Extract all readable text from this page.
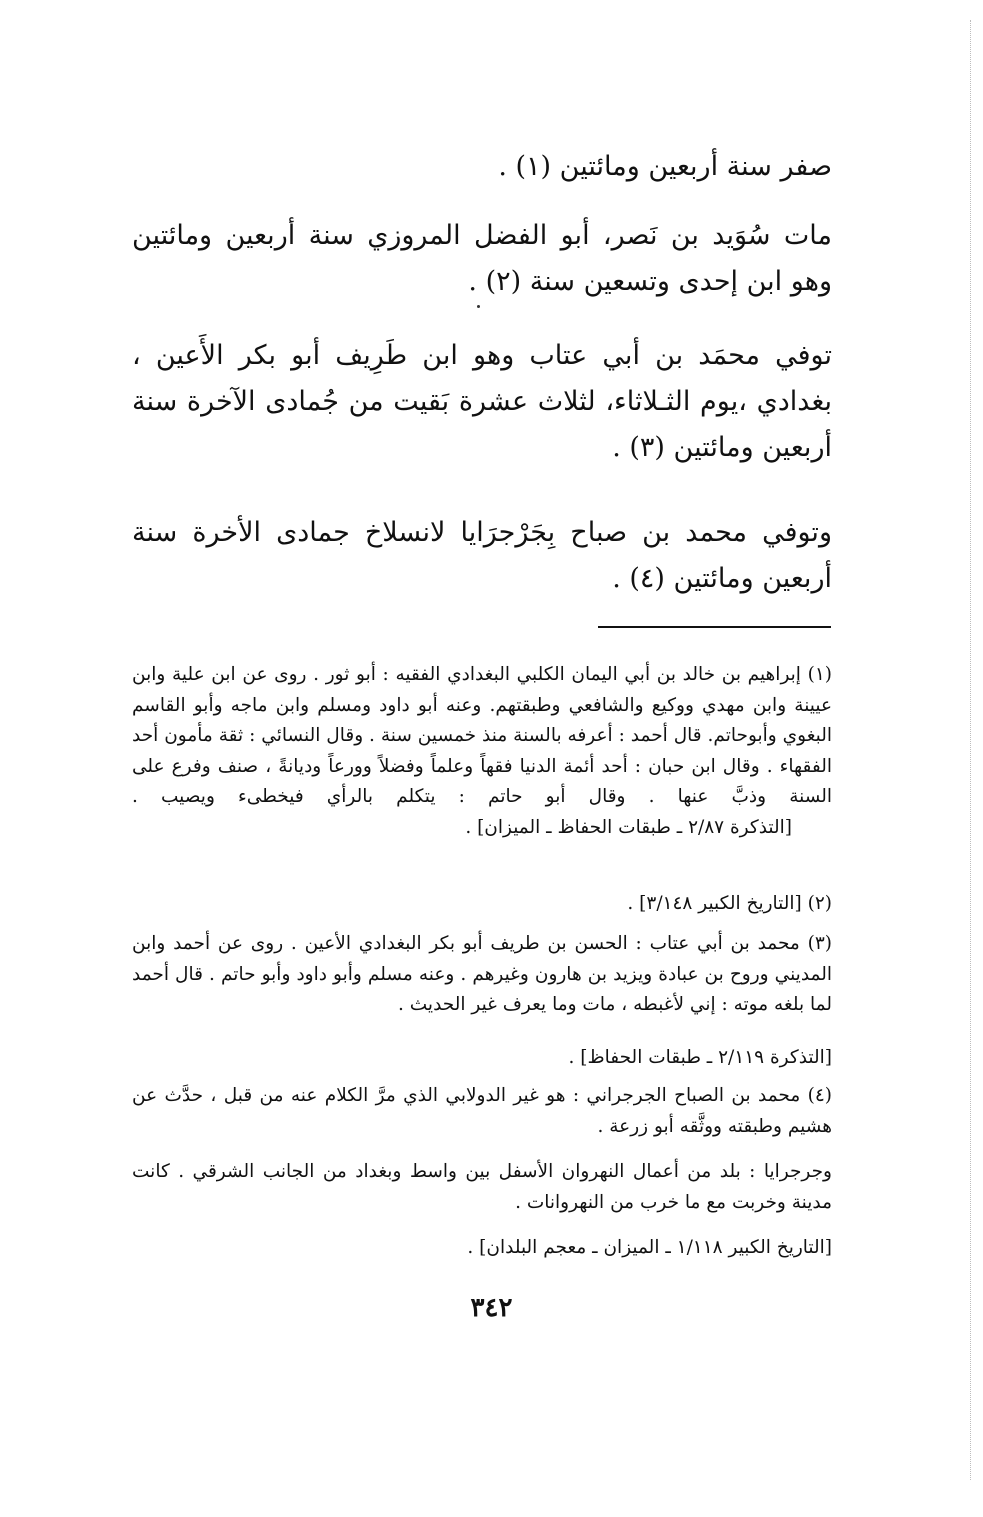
صفر سنة أربعين ومائتين (١) .

مات سُوَيد بن نَصر، أبو الفضل المروزي سنة أربعين ومائتين وهو ابن إحدى وتسعين سنة (٢) .

توفي محمَد بن أبي عتاب وهو ابن طَرِيف أبو بكر الأَعين ، بغدادي ،يوم الثـلاثاء، لثلاث عشرة بَقيت من جُمادى الآخرة سنة أربعين ومائتين (٣) .

وتوفي محمد بن صباح بِجَرْجرَايا لانسلاخ جمادى الأخرة سنة أربعين ومائتين (٤) .

(١) إبراهيم بن خالد بن أبي اليمان الكلبي البغدادي الفقيه : أبو ثور . روى عن ابن علية وابن عيينة وابن مهدي ووكيع والشافعي وطبقتهم. وعنه أبو داود ومسلم وابن ماجه وأبو القاسم البغوي وأبوحاتم. قال أحمد : أعرفه بالسنة منذ خمسين سنة . وقال النسائي : ثقة مأمون أحد الفقهاء . وقال ابن حبان : أحد أئمة الدنيا فقهاً وعلماً وفضلاً وورعاً وديانةً ، صنف وفرع على السنة وذبَّ عنها . وقال أبو حاتم : يتكلم بالرأي فيخطىء ويصيب .[التذكرة ٢/٨٧ ـ طبقات الحفاظ ـ الميزان] .

(٢) [التاريخ الكبير ٣/١٤٨] .

(٣) محمد بن أبي عتاب : الحسن بن طريف أبو بكر البغدادي الأعين . روى عن أحمد وابن المديني وروح بن عبادة ويزيد بن هارون وغيرهم . وعنه مسلم وأبو داود وأبو حاتم . قال أحمد لما بلغه موته : إني لأغبطه ، مات وما يعرف غير الحديث .

[التذكرة ٢/١١٩ ـ طبقات الحفاظ] .

(٤) محمد بن الصباح الجرجراني : هو غير الدولابي الذي مرَّ الكلام عنه من قبل ، حدَّث عن هشيم وطبقته ووثَّقه أبو زرعة .

وجرجرايا : بلد من أعمال النهروان الأسفل بين واسط وبغداد من الجانب الشرقي . كانت مدينة وخربت مع ما خرب من النهروانات .

[التاريخ الكبير ١/١١٨ ـ الميزان ـ معجم البلدان] .

٣٤٢
